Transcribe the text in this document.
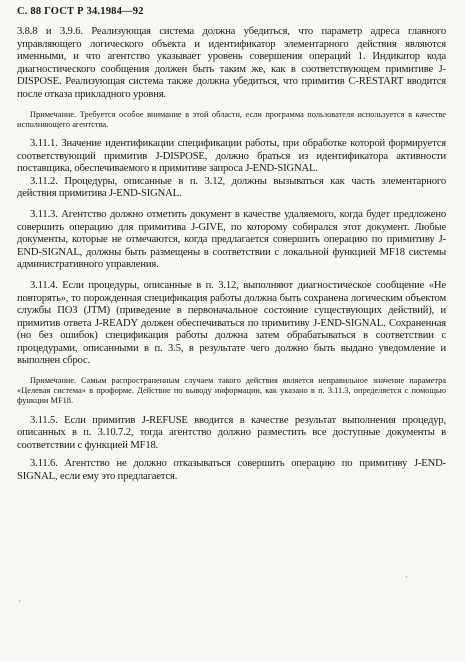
С. 88 ГОСТ Р 34.1984—92

3.8.8 и 3.9.6. Реализующая система должна убедиться, что параметр адреса главного управляющего логического объекта и идентификатор элементарного действия являются именными, и что агентство указывает уровень совершения операций 1. Индикатор кода диагностического сообщения должен быть таким же, как в соответствующем примитиве J-DISPOSE. Реализующая система также должна убедиться, что примитив C-RESTART вводится после отказа прикладного уровня.

Примечание. Требуется особое внимание в этой области, если программа пользователя используется в качестве исполняющего агентства.

3.11.1. Значение идентификации спецификации работы, при обработке которой формируется соответствующий примитив J-DISPOSE, должно браться из идентификатора активности поставщика, обеспечиваемого в примитиве запроса J-END-SIGNAL.

3.11.2. Процедуры, описанные в п. 3.12, должны вызываться как часть элементарного действия примитива J-END-SIGNAL.

3.11.3. Агентство должно отметить документ в качестве удаляемого, когда будет предложено совершить операцию для примитива J-GIVE, по которому собирался этот документ. Любые документы, которые не отмечаются, когда предлагается совершить операцию по примитиву J-END-SIGNAL, должны быть размещены в соответствии с локальной функцией MF18 системы административного управления.

3.11.4. Если процедуры, описанные в п. 3.12, выполняют диагностическое сообщение «Не повторять», то порожденная спецификация работы должна быть сохранена логическим объектом службы ПОЗ (JTM) (приведение в первоначальное состояние существующих действий), и примитив ответа J-READY должен обеспечиваться по примитиву J-END-SIGNAL. Сохраненная (но без ошибок) спецификация работы должна затем обрабатываться в соответствии с процедурами, описанными в п. 3.5, в результате чего должно быть выдано уведомление и выполнен сброс.

Примечание. Самым распространенным случаем такого действия является неправильное значение параметра «Целевая система» в проформе. Действие по выводу информации, как указано в п. 3.11.3, определяется с помощью функции MF18.

3.11.5. Если примитив J-REFUSE вводится в качестве результат выполнения процедур, описанных в п. 3.10.7.2, тогда агентство должно разместить все доступные документы в соответствии с функцией MF18.

3.11.6. Агентство не должно отказываться совершить операцию по примитиву J-END-SIGNAL, если ему это предлагается.

·
·
